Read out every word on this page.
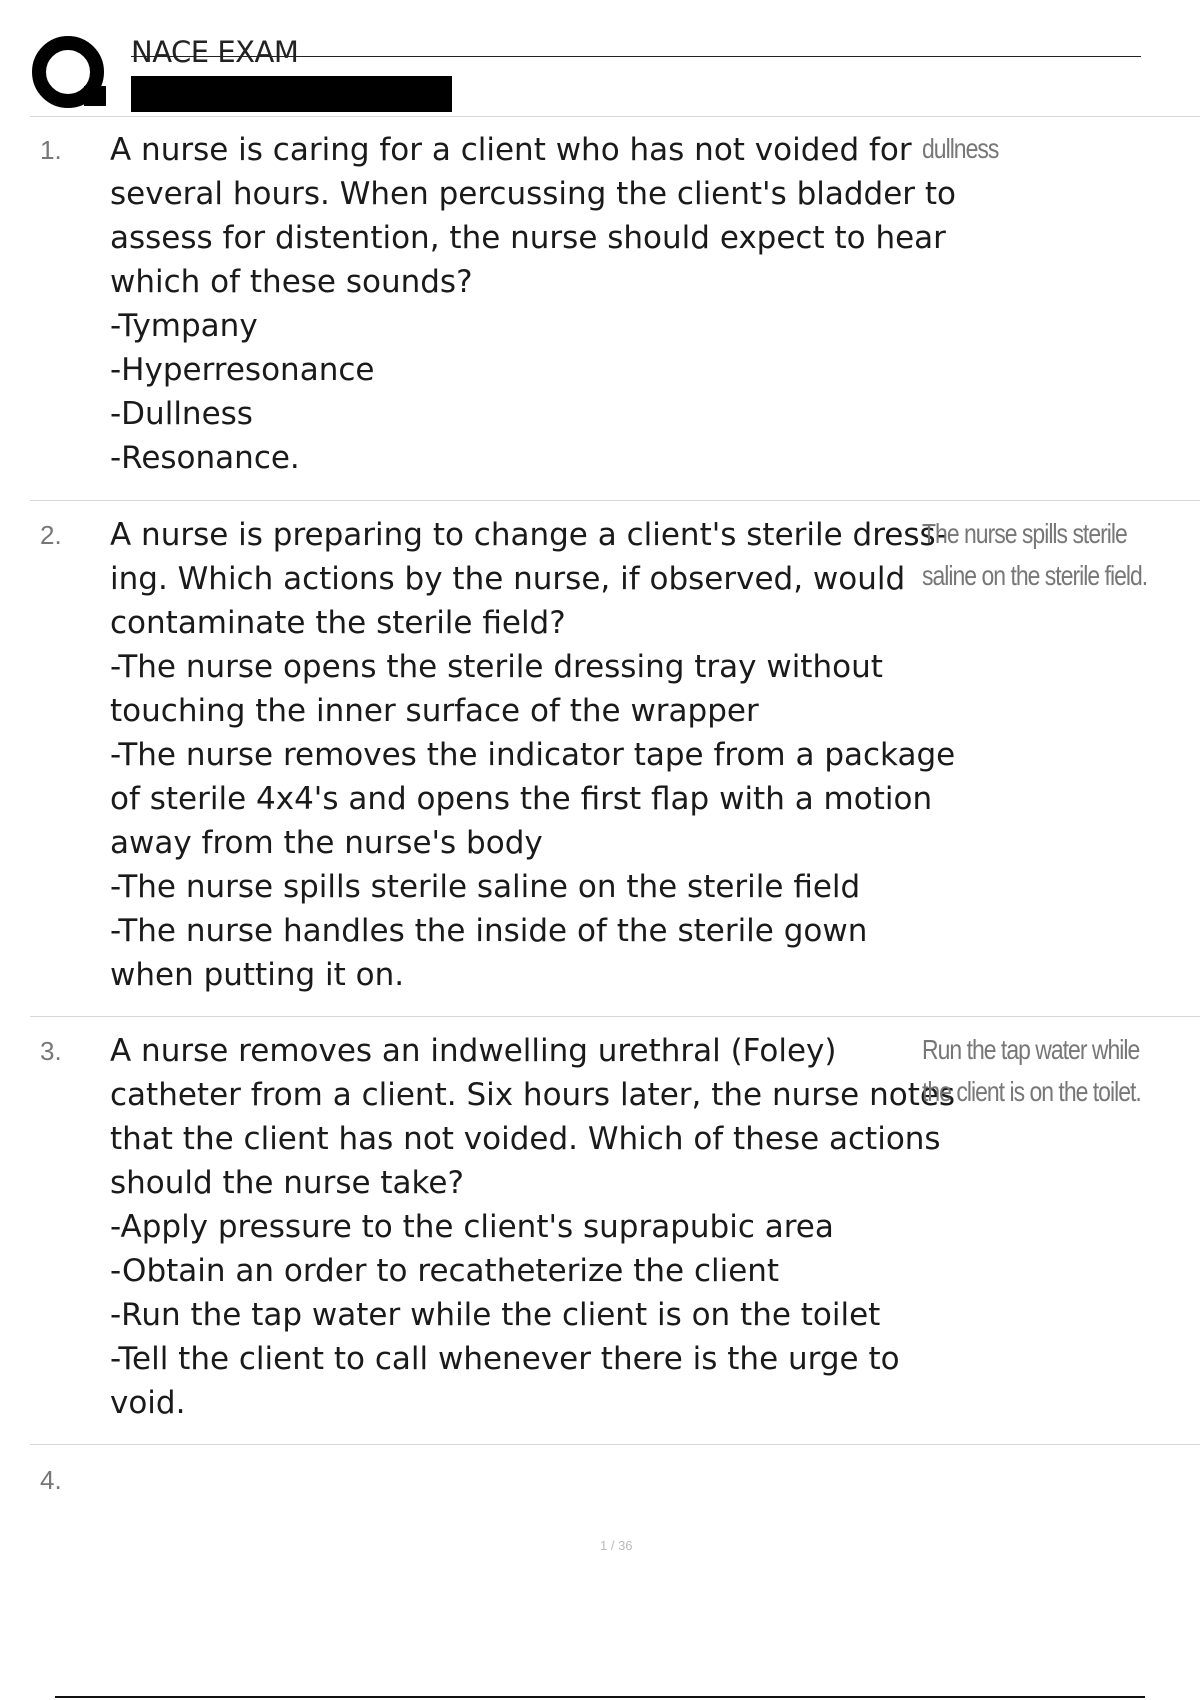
NACE EXAM
1. A nurse is caring for a client who has not voided for
several hours. When percussing the client's bladder to
assess for distention, the nurse should expect to hear
which of these sounds?
-Tympany
-Hyperresonance
-Dullness
-Resonance.
dullness
2. A nurse is preparing to change a client's sterile dress-
ing. Which actions by the nurse, if observed, would
contaminate the sterile field?
-The nurse opens the sterile dressing tray without
touching the inner surface of the wrapper
-The nurse removes the indicator tape from a package
of sterile 4x4's and opens the first flap with a motion
away from the nurse's body
-The nurse spills sterile saline on the sterile field
-The nurse handles the inside of the sterile gown
when putting it on.
The nurse spills sterile
saline on the sterile field.
3. A nurse removes an indwelling urethral (Foley)
catheter from a client. Six hours later, the nurse notes
that the client has not voided. Which of these actions
should the nurse take?
-Apply pressure to the client's suprapubic area
-Obtain an order to recatheterize the client
-Run the tap water while the client is on the toilet
-Tell the client to call whenever there is the urge to
void.
Run the tap water while
the client is on the toilet.
4.
1 / 36
